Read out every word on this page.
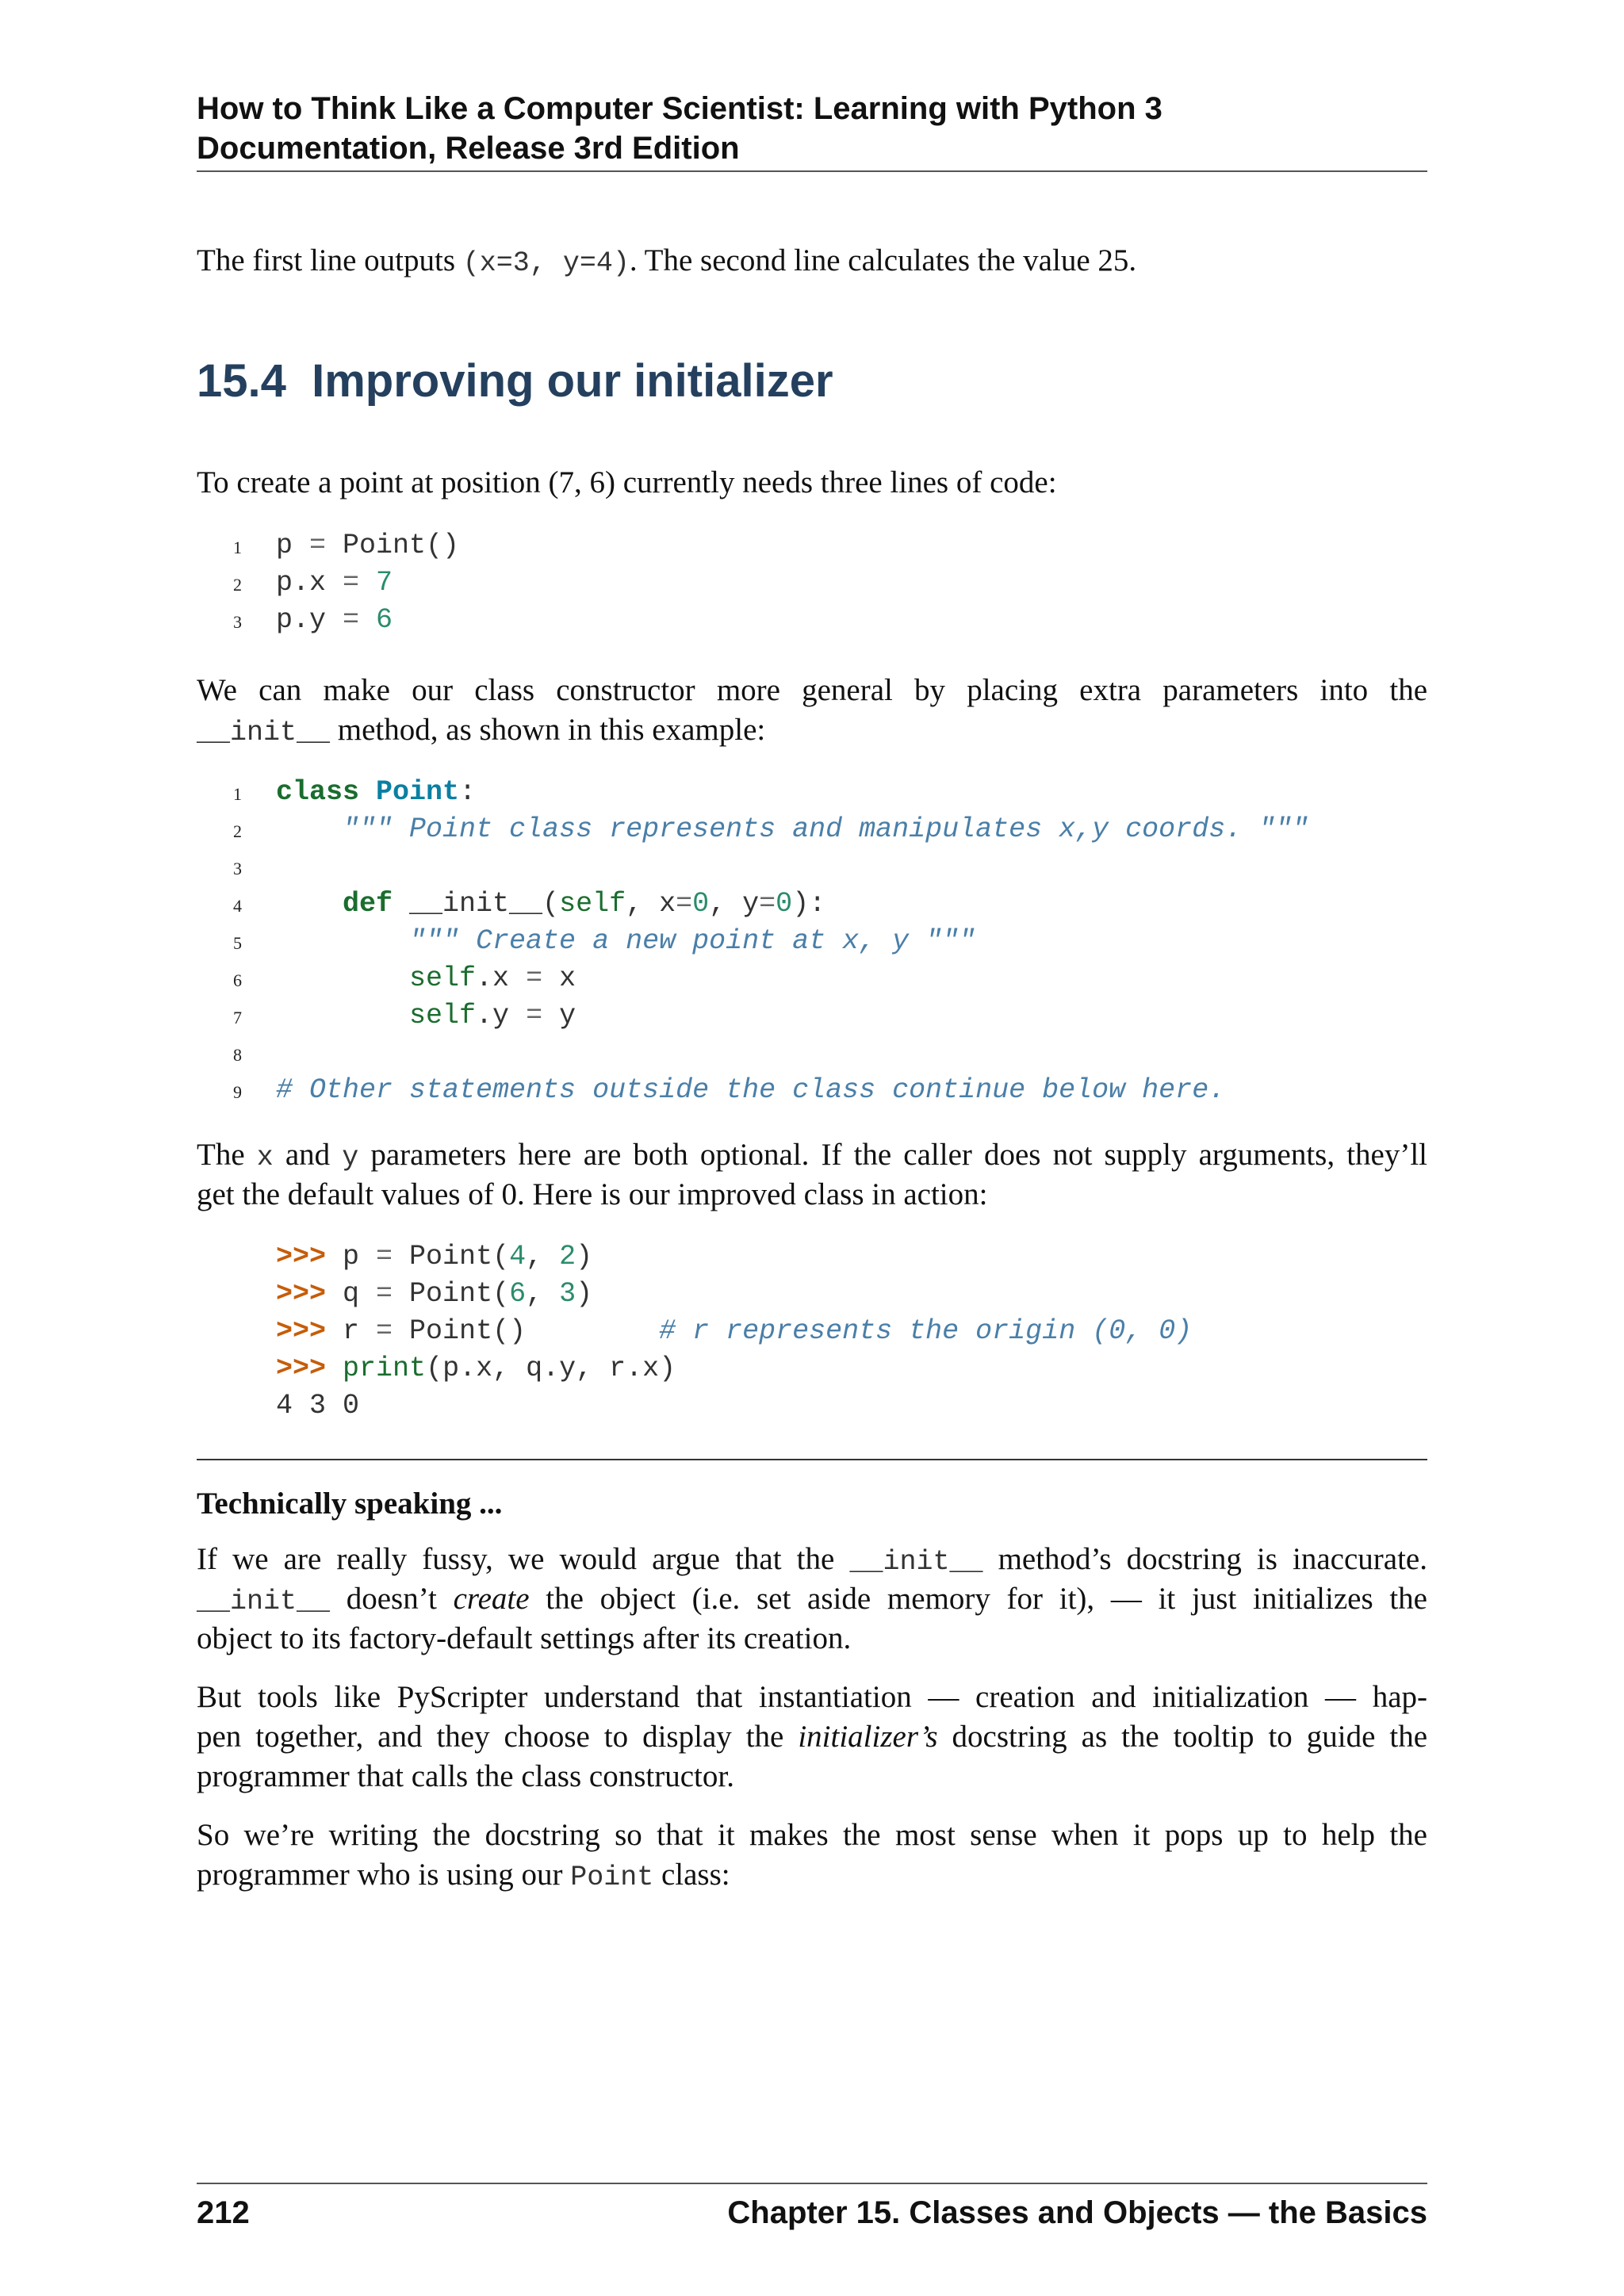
How to Think Like a Computer Scientist: Learning with Python 3
Documentation, Release 3rd Edition
The first line outputs (x=3, y=4). The second line calculates the value 25.
15.4 Improving our initializer
To create a point at position (7, 6) currently needs three lines of code:
1	p = Point()
2	p.x = 7
3	p.y = 6
We can make our class constructor more general by placing extra parameters into the
__init__ method, as shown in this example:
1	class Point:
2	""" Point class represents and manipulates x,y coords. """
3
4	def __init__(self, x=0, y=0):
5	""" Create a new point at x, y """
6	self.x = x
7	self.y = y
8
9	# Other statements outside the class continue below here.
The x and y parameters here are both optional. If the caller does not supply arguments, they’ll
get the default values of 0. Here is our improved class in action:
>>> p = Point(4, 2)
>>> q = Point(6, 3)
>>> r = Point()        # r represents the origin (0, 0)
>>> print(p.x, q.y, r.x)
4 3 0
Technically speaking ...
If we are really fussy, we would argue that the __init__ method’s docstring is inaccurate.
__init__ doesn’t create the object (i.e. set aside memory for it), — it just initializes the
object to its factory-default settings after its creation.
But tools like PyScripter understand that instantiation — creation and initialization — hap-
pen together, and they choose to display the initializer’s docstring as the tooltip to guide the
programmer that calls the class constructor.
So we’re writing the docstring so that it makes the most sense when it pops up to help the
programmer who is using our Point class:
212	Chapter 15. Classes and Objects — the Basics
